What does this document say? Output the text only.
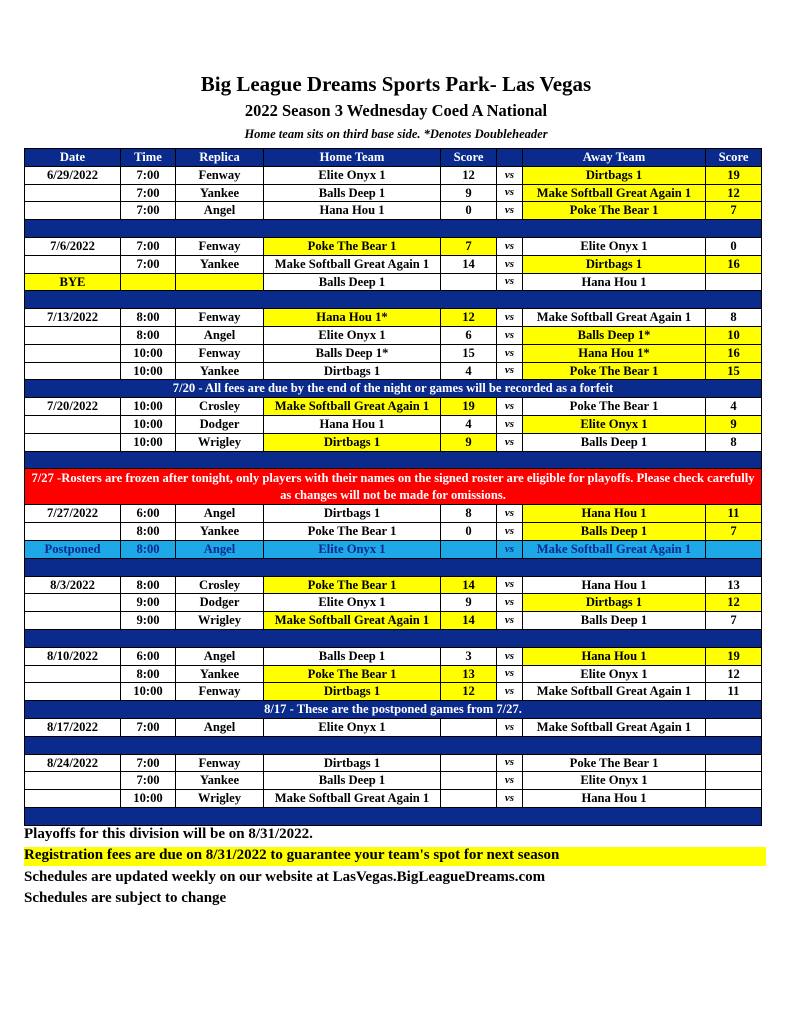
Big League Dreams Sports Park- Las Vegas
2022 Season 3 Wednesday Coed A National
Home team sits on third base side. *Denotes Doubleheader
Date	Time	Replica	Home Team	Score		Away Team	Score
6/29/2022	7:00	Fenway	Elite Onyx 1	12	vs	Dirtbags 1	19
	7:00	Yankee	Balls Deep 1	9	vs	Make Softball Great Again 1	12
	7:00	Angel	Hana Hou 1	0	vs	Poke The Bear 1	7

7/6/2022	7:00	Fenway	Poke The Bear 1	7	vs	Elite Onyx 1	0
	7:00	Yankee	Make Softball Great Again 1	14	vs	Dirtbags 1	16
BYE			Balls Deep 1		vs	Hana Hou 1	

7/13/2022	8:00	Fenway	Hana Hou 1*	12	vs	Make Softball Great Again 1	8
	8:00	Angel	Elite Onyx 1	6	vs	Balls Deep 1*	10
	10:00	Fenway	Balls Deep 1*	15	vs	Hana Hou 1*	16
	10:00	Yankee	Dirtbags 1	4	vs	Poke The Bear 1	15
7/20 - All fees are due by the end of the night or games will be recorded as a forfeit							
7/20/2022	10:00	Crosley	Make Softball Great Again 1	19	vs	Poke The Bear 1	4
	10:00	Dodger	Hana Hou 1	4	vs	Elite Onyx 1	9
	10:00	Wrigley	Dirtbags 1	9	vs	Balls Deep 1	8

7/27 -Rosters are frozen after tonight, only players with their names on the signed roster are eligible for playoffs. Please check carefully as changes will not be made for omissions.							
7/27/2022	6:00	Angel	Dirtbags 1	8	vs	Hana Hou 1	11
	8:00	Yankee	Poke The Bear 1	0	vs	Balls Deep 1	7
Postponed	8:00	Angel	Elite Onyx 1		vs	Make Softball Great Again 1	

8/3/2022	8:00	Crosley	Poke The Bear 1	14	vs	Hana Hou 1	13
	9:00	Dodger	Elite Onyx 1	9	vs	Dirtbags 1	12
	9:00	Wrigley	Make Softball Great Again 1	14	vs	Balls Deep 1	7

8/10/2022	6:00	Angel	Balls Deep 1	3	vs	Hana Hou 1	19
	8:00	Yankee	Poke The Bear 1	13	vs	Elite Onyx 1	12
	10:00	Fenway	Dirtbags 1	12	vs	Make Softball Great Again 1	11
8/17 - These are the postponed games from 7/27.							
8/17/2022	7:00	Angel	Elite Onyx 1		vs	Make Softball Great Again 1	

8/24/2022	7:00	Fenway	Dirtbags 1		vs	Poke The Bear 1	
	7:00	Yankee	Balls Deep 1		vs	Elite Onyx 1	
	10:00	Wrigley	Make Softball Great Again 1		vs	Hana Hou 1	

Playoffs for this division will be on 8/31/2022.
Registration fees are due on 8/31/2022 to guarantee your team's spot for next season
Schedules are updated weekly on our website at LasVegas.BigLeagueDreams.com
Schedules are subject to change
